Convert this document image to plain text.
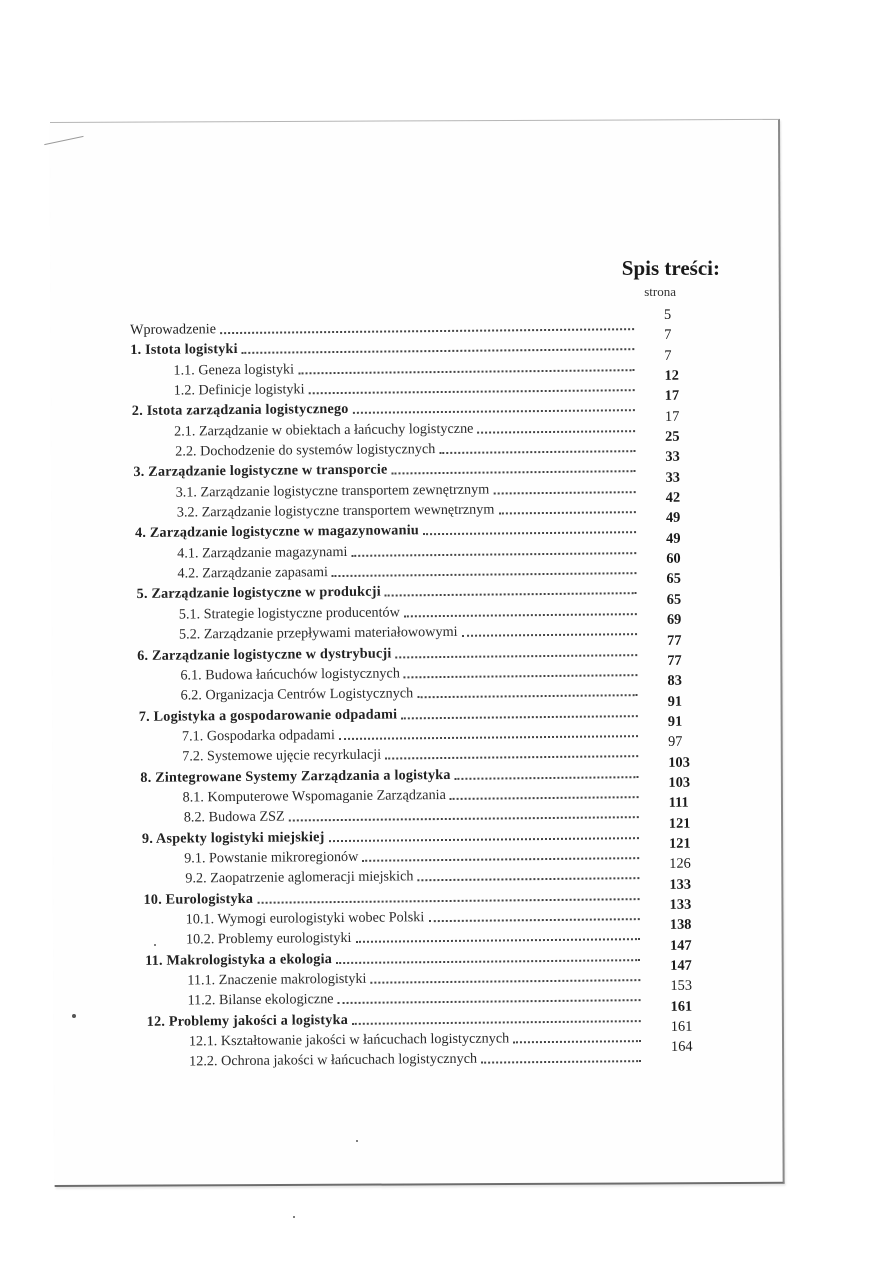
Spis treści:
strona
Wprowadzenie
5
1. Istota logistyki
7
1.1. Geneza logistyki
7
1.2. Definicje logistyki
12
2. Istota zarządzania logistycznego
17
2.1. Zarządzanie w obiektach a łańcuchy logistyczne
17
2.2. Dochodzenie do systemów logistycznych
25
3. Zarządzanie logistyczne w transporcie
33
3.1. Zarządzanie logistyczne transportem zewnętrznym
33
3.2. Zarządzanie logistyczne transportem wewnętrznym
42
4. Zarządzanie logistyczne w magazynowaniu
49
4.1. Zarządzanie magazynami
49
4.2. Zarządzanie zapasami
60
5. Zarządzanie logistyczne w produkcji
65
5.1. Strategie logistyczne producentów
65
5.2. Zarządzanie przepływami materiałowowymi
69
6. Zarządzanie logistyczne w dystrybucji
77
6.1. Budowa łańcuchów logistycznych
77
6.2. Organizacja Centrów Logistycznych
83
7. Logistyka a gospodarowanie odpadami
91
7.1. Gospodarka odpadami
91
7.2. Systemowe ujęcie recyrkulacji
97
8. Zintegrowane Systemy Zarządzania a logistyka
103
8.1. Komputerowe Wspomaganie Zarządzania
103
8.2. Budowa ZSZ
111
9. Aspekty logistyki miejskiej
121
9.1. Powstanie mikroregionów
121
9.2. Zaopatrzenie aglomeracji miejskich
126
10. Eurologistyka
133
10.1. Wymogi eurologistyki wobec Polski
133
10.2. Problemy eurologistyki
138
11. Makrologistyka a ekologia
147
11.1. Znaczenie makrologistyki
147
11.2. Bilanse ekologiczne
153
12. Problemy jakości a logistyka
161
12.1. Kształtowanie jakości w łańcuchach logistycznych
161
12.2. Ochrona jakości w łańcuchach logistycznych
164
